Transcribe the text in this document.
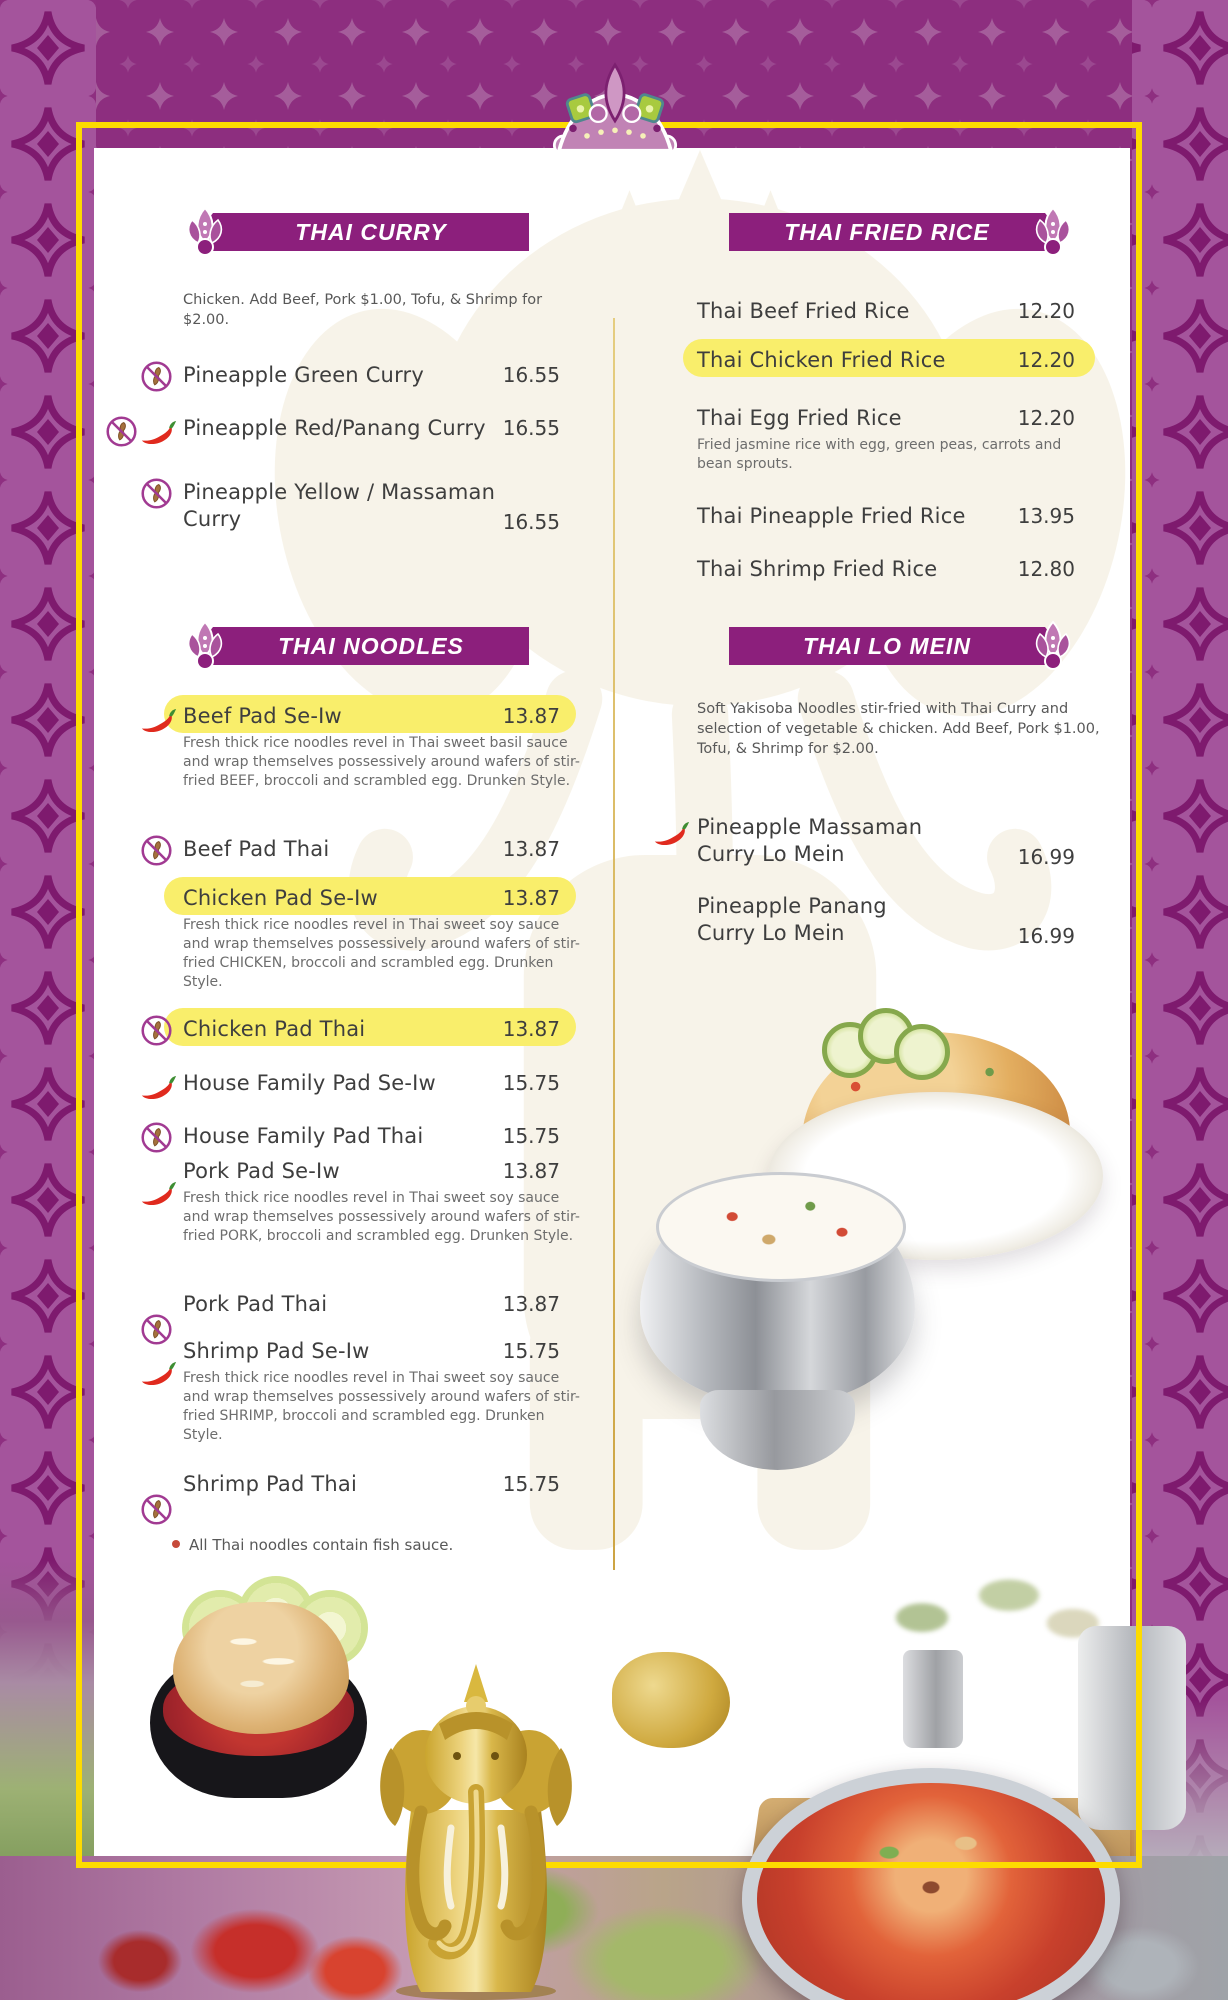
THAI CURRY	THAI FRIED RICE
THAI NOODLES	THAI LO MEIN
Chicken. Add Beef, Pork $1.00, Tofu, & Shrimp for $2.00.
Pineapple Green Curry	16.55
Pineapple Red/Panang Curry 16.55
Pineapple Yellow / Massaman Curry	16.55
Beef Pad Se-Iw	13.87
Fresh thick rice noodles revel in Thai sweet basil sauce and wrap themselves possessively around wafers of stir-fried BEEF, broccoli and scrambled egg. Drunken Style.
Beef Pad Thai	13.87
Chicken Pad Se-Iw	13.87
Fresh thick rice noodles revel in Thai sweet soy sauce and wrap themselves possessively around wafers of stir-fried CHICKEN, broccoli and scrambled egg. Drunken Style.
Chicken Pad Thai	13.87
House Family Pad Se-Iw	15.75
House Family Pad Thai	15.75
Pork Pad Se-Iw	13.87
Fresh thick rice noodles revel in Thai sweet soy sauce and wrap themselves possessively around wafers of stir-fried PORK, broccoli and scrambled egg. Drunken Style.
Pork Pad Thai	13.87
Shrimp Pad Se-Iw	15.75
Fresh thick rice noodles revel in Thai sweet soy sauce and wrap themselves possessively around wafers of stir-fried SHRIMP, broccoli and scrambled egg. Drunken Style.
Shrimp Pad Thai	15.75
All Thai noodles contain fish sauce.
Thai Beef Fried Rice	12.20
Thai Chicken Fried Rice	12.20
Thai Egg Fried Rice	12.20
Fried jasmine rice with egg, green peas, carrots and bean sprouts.
Thai Pineapple Fried Rice	13.95
Thai Shrimp Fried Rice	12.80
Soft Yakisoba Noodles stir-fried with Thai Curry and selection of vegetable & chicken. Add Beef, Pork $1.00, Tofu, & Shrimp for $2.00.
Pineapple Massaman Curry Lo Mein	16.99
Pineapple Panang Curry Lo Mein	16.99
